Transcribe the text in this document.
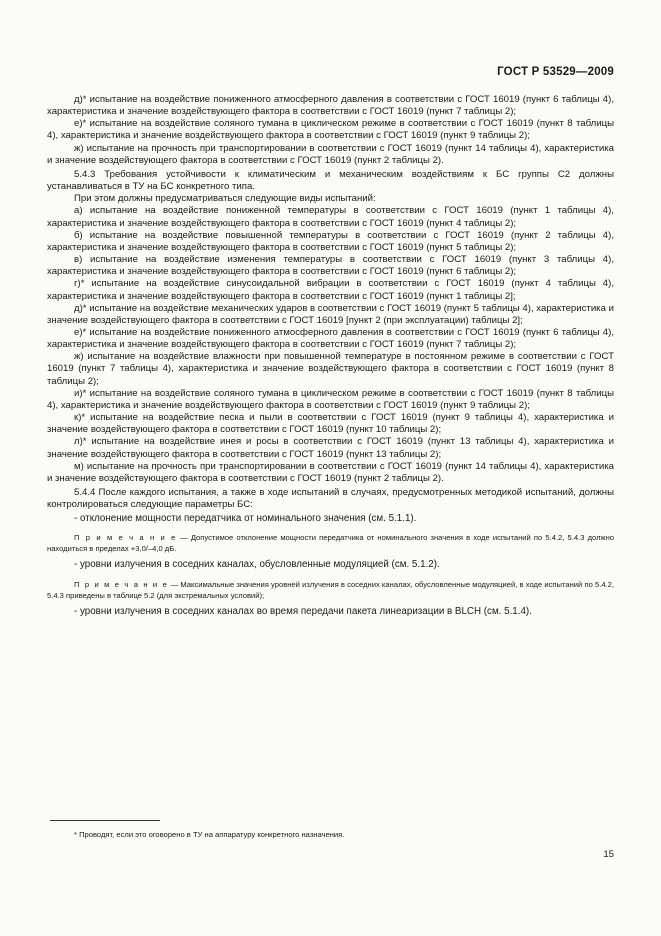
ГОСТ Р 53529—2009

д)* испытание на воздействие пониженного атмосферного давления в соответствии с ГОСТ 16019 (пункт 6 таблицы 4), характеристика и значение воздействующего фактора в соответствии с ГОСТ 16019 (пункт 7 таблицы 2);

е)* испытание на воздействие соляного тумана в циклическом режиме в соответствии с ГОСТ 16019 (пункт 8 таблицы 4), характеристика и значение воздействующего фактора в соответствии с ГОСТ 16019 (пункт 9 таблицы 2);

ж) испытание на прочность при транспортировании в соответствии с ГОСТ 16019 (пункт 14 таблицы 4), характеристика и значение воздействующего фактора в соответствии с ГОСТ 16019 (пункт 2 таблицы 2).

5.4.3 Требования устойчивости к климатическим и механическим воздействиям к БС группы С2 должны устанавливаться в ТУ на БС конкретного типа.

При этом должны предусматриваться следующие виды испытаний:

а) испытание на воздействие пониженной температуры в соответствии с ГОСТ 16019 (пункт 1 таблицы 4), характеристика и значение воздействующего фактора в соответствии с ГОСТ 16019 (пункт 4 таблицы 2);

б) испытание на воздействие повышенной температуры в соответствии с ГОСТ 16019 (пункт 2 таблицы 4), характеристика и значение воздействующего фактора в соответствии с ГОСТ 16019 (пункт 5 таблицы 2);

в) испытание на воздействие изменения температуры в соответствии с ГОСТ 16019 (пункт 3 таблицы 4), характеристика и значение воздействующего фактора в соответствии с ГОСТ 16019 (пункт 6 таблицы 2);

г)* испытание на воздействие синусоидальной вибрации в соответствии с ГОСТ 16019 (пункт 4 таблицы 4), характеристика и значение воздействующего фактора в соответствии с ГОСТ 16019 (пункт 1 таблицы 2];

д)* испытание на воздействие механических ударов в соответствии с ГОСТ 16019 (пункт 5 таблицы 4), характеристика и значение воздействующего фактора в соответствии с ГОСТ 16019 [пункт 2 (при эксплуатации) таблицы 2];

е)* испытание на воздействие пониженного атмосферного давления в соответствии с ГОСТ 16019 (пункт 6 таблицы 4), характеристика и значение воздействующего фактора в соответствии с ГОСТ 16019 (пункт 7 таблицы 2);

ж) испытание на воздействие влажности при повышенной температуре в постоянном режиме в соответствии с ГОСТ 16019 (пункт 7 таблицы 4), характеристика и значение воздействующего фактора в соответствии с ГОСТ 16019 (пункт 8 таблицы 2);

и)* испытание на воздействие соляного тумана в циклическом режиме в соответствии с ГОСТ 16019 (пункт 8 таблицы 4), характеристика и значение воздействующего фактора в соответствии с ГОСТ 16019 (пункт 9 таблицы 2);

к)* испытание на воздействие песка и пыли в соответствии с ГОСТ 16019 (пункт 9 таблицы 4), характеристика и значение воздействующего фактора в соответствии с ГОСТ 16019 (пункт 10 таблицы 2);

л)* испытание на воздействие инея и росы в соответствии с ГОСТ 16019 (пункт 13 таблицы 4), характеристика и значение воздействующего фактора в соответствии с ГОСТ 16019 (пункт 13 таблицы 2);

м) испытание на прочность при транспортировании в соответствии с ГОСТ 16019 (пункт 14 таблицы 4), характеристика и значение воздействующего фактора в соответствии с ГОСТ 16019 (пункт 2 таблицы 2).

5.4.4 После каждого испытания, а также в ходе испытаний в случаях, предусмотренных методикой испытаний, должны контролироваться следующие параметры БС:

- отклонение мощности передатчика от номинального значения (см. 5.1.1).

П р и м е ч а н и е — Допустимое отклонение мощности передатчика от номинального значения в ходе испытаний по 5.4.2, 5.4.3 должно находиться в пределах +3,0/–4,0 дБ.

- уровни излучения в соседних каналах, обусловленные модуляцией (см. 5.1.2).

П р и м е ч а н и е — Максимальные значения уровней излучения в соседних каналах, обусловленные модуляцией, в ходе испытаний по 5.4.2, 5.4.3 приведены в таблице 5.2 (для экстремальных условий);

- уровни излучения в соседних каналах во время передачи пакета линеаризации в BLCH (см. 5.1.4).

* Проводят, если это оговорено в ТУ на аппаратуру конкретного назначения.
15
